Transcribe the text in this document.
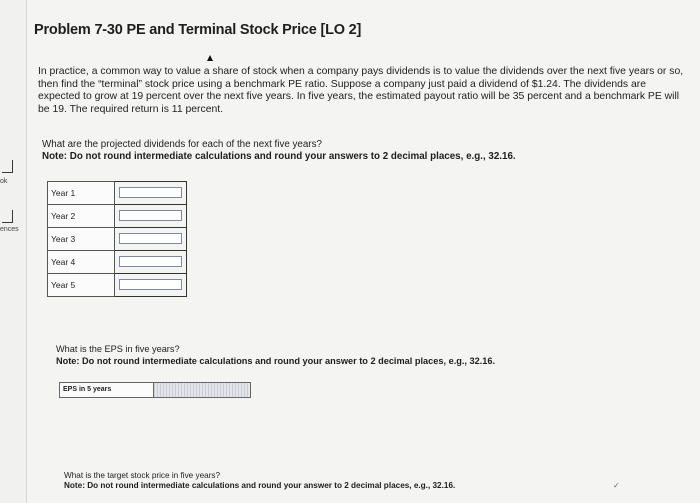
ok
ences
Problem 7-30 PE and Terminal Stock Price [LO 2]
In practice, a common way to value a share of stock when a company pays dividends is to value the dividends over the next five years or so, then find the “terminal” stock price using a benchmark PE ratio. Suppose a company just paid a dividend of $1.24. The dividends are expected to grow at 19 percent over the next five years. In five years, the estimated payout ratio will be 35 percent and a benchmark PE will be 19. The required return is 11 percent.
What are the projected dividends for each of the next five years?
Note: Do not round intermediate calculations and round your answers to 2 decimal places, e.g., 32.16.
Year 1	
Year 2	
Year 3	
Year 4	
Year 5	
What is the EPS in five years?
Note: Do not round intermediate calculations and round your answer to 2 decimal places, e.g., 32.16.
EPS in 5 years
What is the target stock price in five years?
Note: Do not round intermediate calculations and round your answer to 2 decimal places, e.g., 32.16.	✓
